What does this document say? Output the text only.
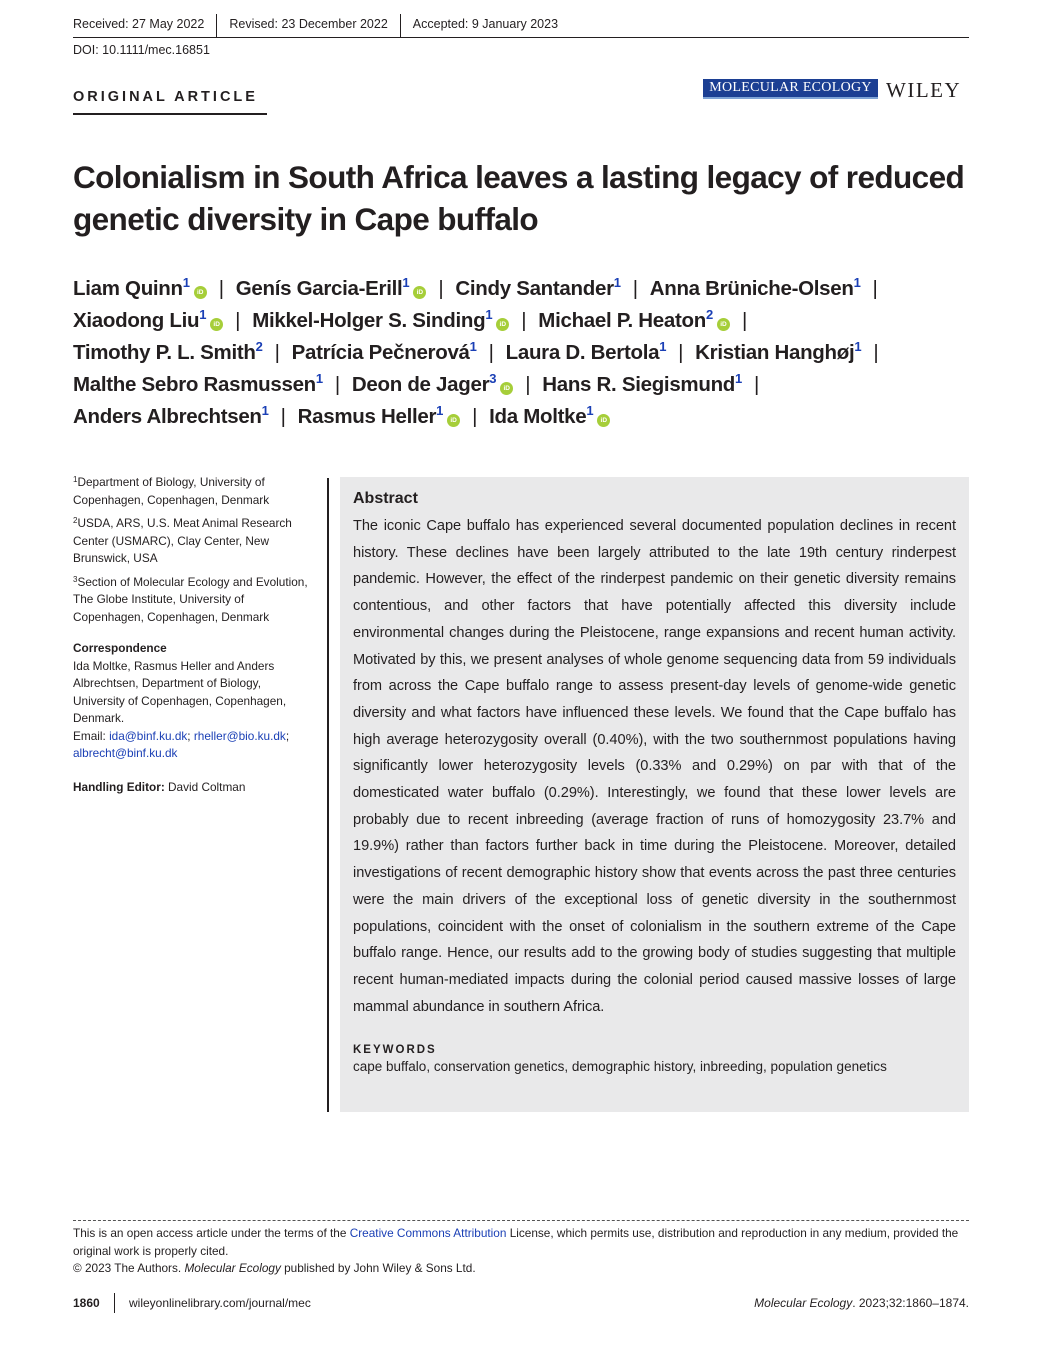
Received: 27 May 2022	Revised: 23 December 2022	Accepted: 9 January 2023
DOI: 10.1111/mec.16851
ORIGINAL ARTICLE
MOLECULAR ECOLOGY WILEY
Colonialism in South Africa leaves a lasting legacy of reduced genetic diversity in Cape buffalo
Liam Quinn$^1$iD | Genís Garcia-Erill$^1$iD | Cindy Santander$^1$ | Anna Brüniche-Olsen$^1$ |
Xiaodong Liu$^1$iD | Mikkel-Holger S. Sinding$^1$iD | Michael P. Heaton$^2$iD |
Timothy P. L. Smith$^2$ | Patrícia Pečnerová$^1$ | Laura D. Bertola$^1$ | Kristian Hanghøj$^1$ |
Malthe Sebro Rasmussen$^1$ | Deon de Jager$^3$iD | Hans R. Siegismund$^1$ |
Anders Albrechtsen$^1$ | Rasmus Heller$^1$iD | Ida Moltke$^1$iD
$^1$Department of Biology, University of Copenhagen, Copenhagen, Denmark
$^2$USDA, ARS, U.S. Meat Animal Research Center (USMARC), Clay Center, New Brunswick, USA
$^3$Section of Molecular Ecology and Evolution, The Globe Institute, University of Copenhagen, Copenhagen, Denmark
Correspondence
Ida Moltke, Rasmus Heller and Anders Albrechtsen, Department of Biology, University of Copenhagen, Copenhagen, Denmark.
Email: ida@binf.ku.dk; rheller@bio.ku.dk; albrecht@binf.ku.dk
Handling Editor: David Coltman
Abstract

The iconic Cape buffalo has experienced several documented population declines in recent history. These declines have been largely attributed to the late 19th century rinderpest pandemic. However, the effect of the rinderpest pandemic on their genetic diversity remains contentious, and other factors that have potentially affected this diversity include environmental changes during the Pleistocene, range expansions and recent human activity. Motivated by this, we present analyses of whole genome sequencing data from 59 individuals from across the Cape buffalo range to assess present-day levels of genome-wide genetic diversity and what factors have influenced these levels. We found that the Cape buffalo has high average heterozygosity overall (0.40%), with the two southernmost populations having significantly lower heterozygosity levels (0.33% and 0.29%) on par with that of the domesticated water buffalo (0.29%). Interestingly, we found that these lower levels are probably due to recent inbreeding (average fraction of runs of homozygosity 23.7% and 19.9%) rather than factors further back in time during the Pleistocene. Moreover, detailed investigations of recent demographic history show that events across the past three centuries were the main drivers of the exceptional loss of genetic diversity in the southernmost populations, coincident with the onset of colonialism in the southern extreme of the Cape buffalo range. Hence, our results add to the growing body of studies suggesting that multiple recent human-mediated impacts during the colonial period caused massive losses of large mammal abundance in southern Africa.

KEYWORDS
cape buffalo, conservation genetics, demographic history, inbreeding, population genetics
This is an open access article under the terms of the Creative Commons Attribution License, which permits use, distribution and reproduction in any medium, provided the original work is properly cited.
© 2023 The Authors. Molecular Ecology published by John Wiley & Sons Ltd.
1860 wileyonlinelibrary.com/journal/mec	Molecular Ecology. 2023;32:1860–1874.
